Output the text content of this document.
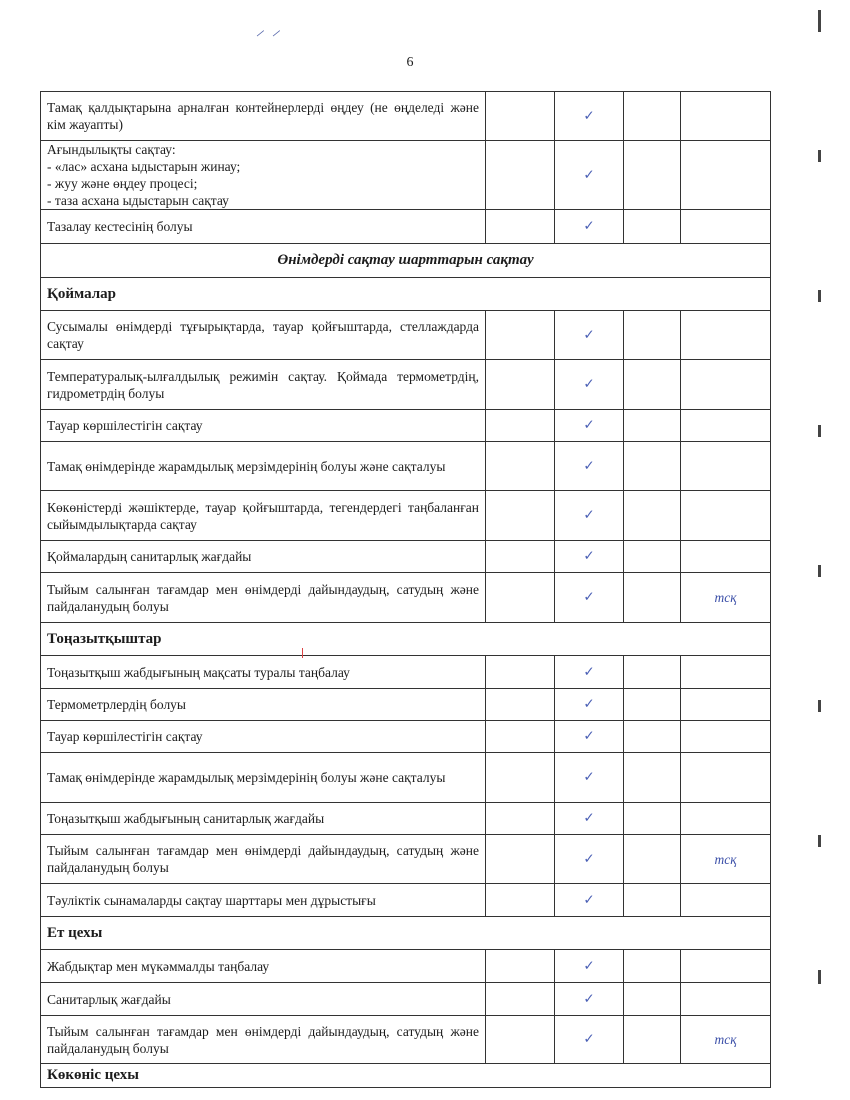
⸝ ⸝
6
Тамақ қалдықтарына арналған контейнерлерді өңдеу (не өңделеді және кім жауапты)		✓		
Ағындылықты сақтау:
- «лас» асхана ыдыстарын жинау;
- жуу және өңдеу процесі;
- таза асхана ыдыстарын сақтау		✓		
Тазалау кестесінің болуы		✓		
Өнімдерді сақтау шарттарын сақтау				
Қоймалар				
Сусымалы өнімдерді тұғырықтарда, тауар қойғыштарда, стеллаждарда сақтау		✓		
Температуралық-ылғалдылық режимін сақтау. Қоймада термометрдің, гидрометрдің болуы		✓		
Тауар көршілестігін сақтау		✓		
Тамақ өнімдерінде жарамдылық мерзімдерінің болуы және сақталуы		✓		
Көкөністерді жәшіктерде, тауар қойғыштарда, тегендердегі таңбаланған сыйымдылықтарда сақтау		✓		
Қоймалардың санитарлық жағдайы		✓		
Тыйым салынған тағамдар мен өнімдерді дайындаудың, сатудың және пайдаланудың болуы		✓		тсқ
Тоңазытқыштар				
Тоңазытқыш жабдығының мақсаты туралы таңбалау		✓		
Термометрлердің болуы		✓		
Тауар көршілестігін сақтау		✓		
Тамақ өнімдерінде жарамдылық мерзімдерінің болуы және сақталуы		✓		
Тоңазытқыш жабдығының санитарлық жағдайы		✓		
Тыйым салынған тағамдар мен өнімдерді дайындаудың, сатудың және пайдаланудың болуы		✓		тсқ
Тәуліктік сынамаларды сақтау шарттары мен дұрыстығы		✓		
Ет цехы				
Жабдықтар мен мүкәммалды таңбалау		✓		
Санитарлық жағдайы		✓		
Тыйым салынған тағамдар мен өнімдерді дайындаудың, сатудың және пайдаланудың болуы		✓		тсқ
Көкөніс цехы				
